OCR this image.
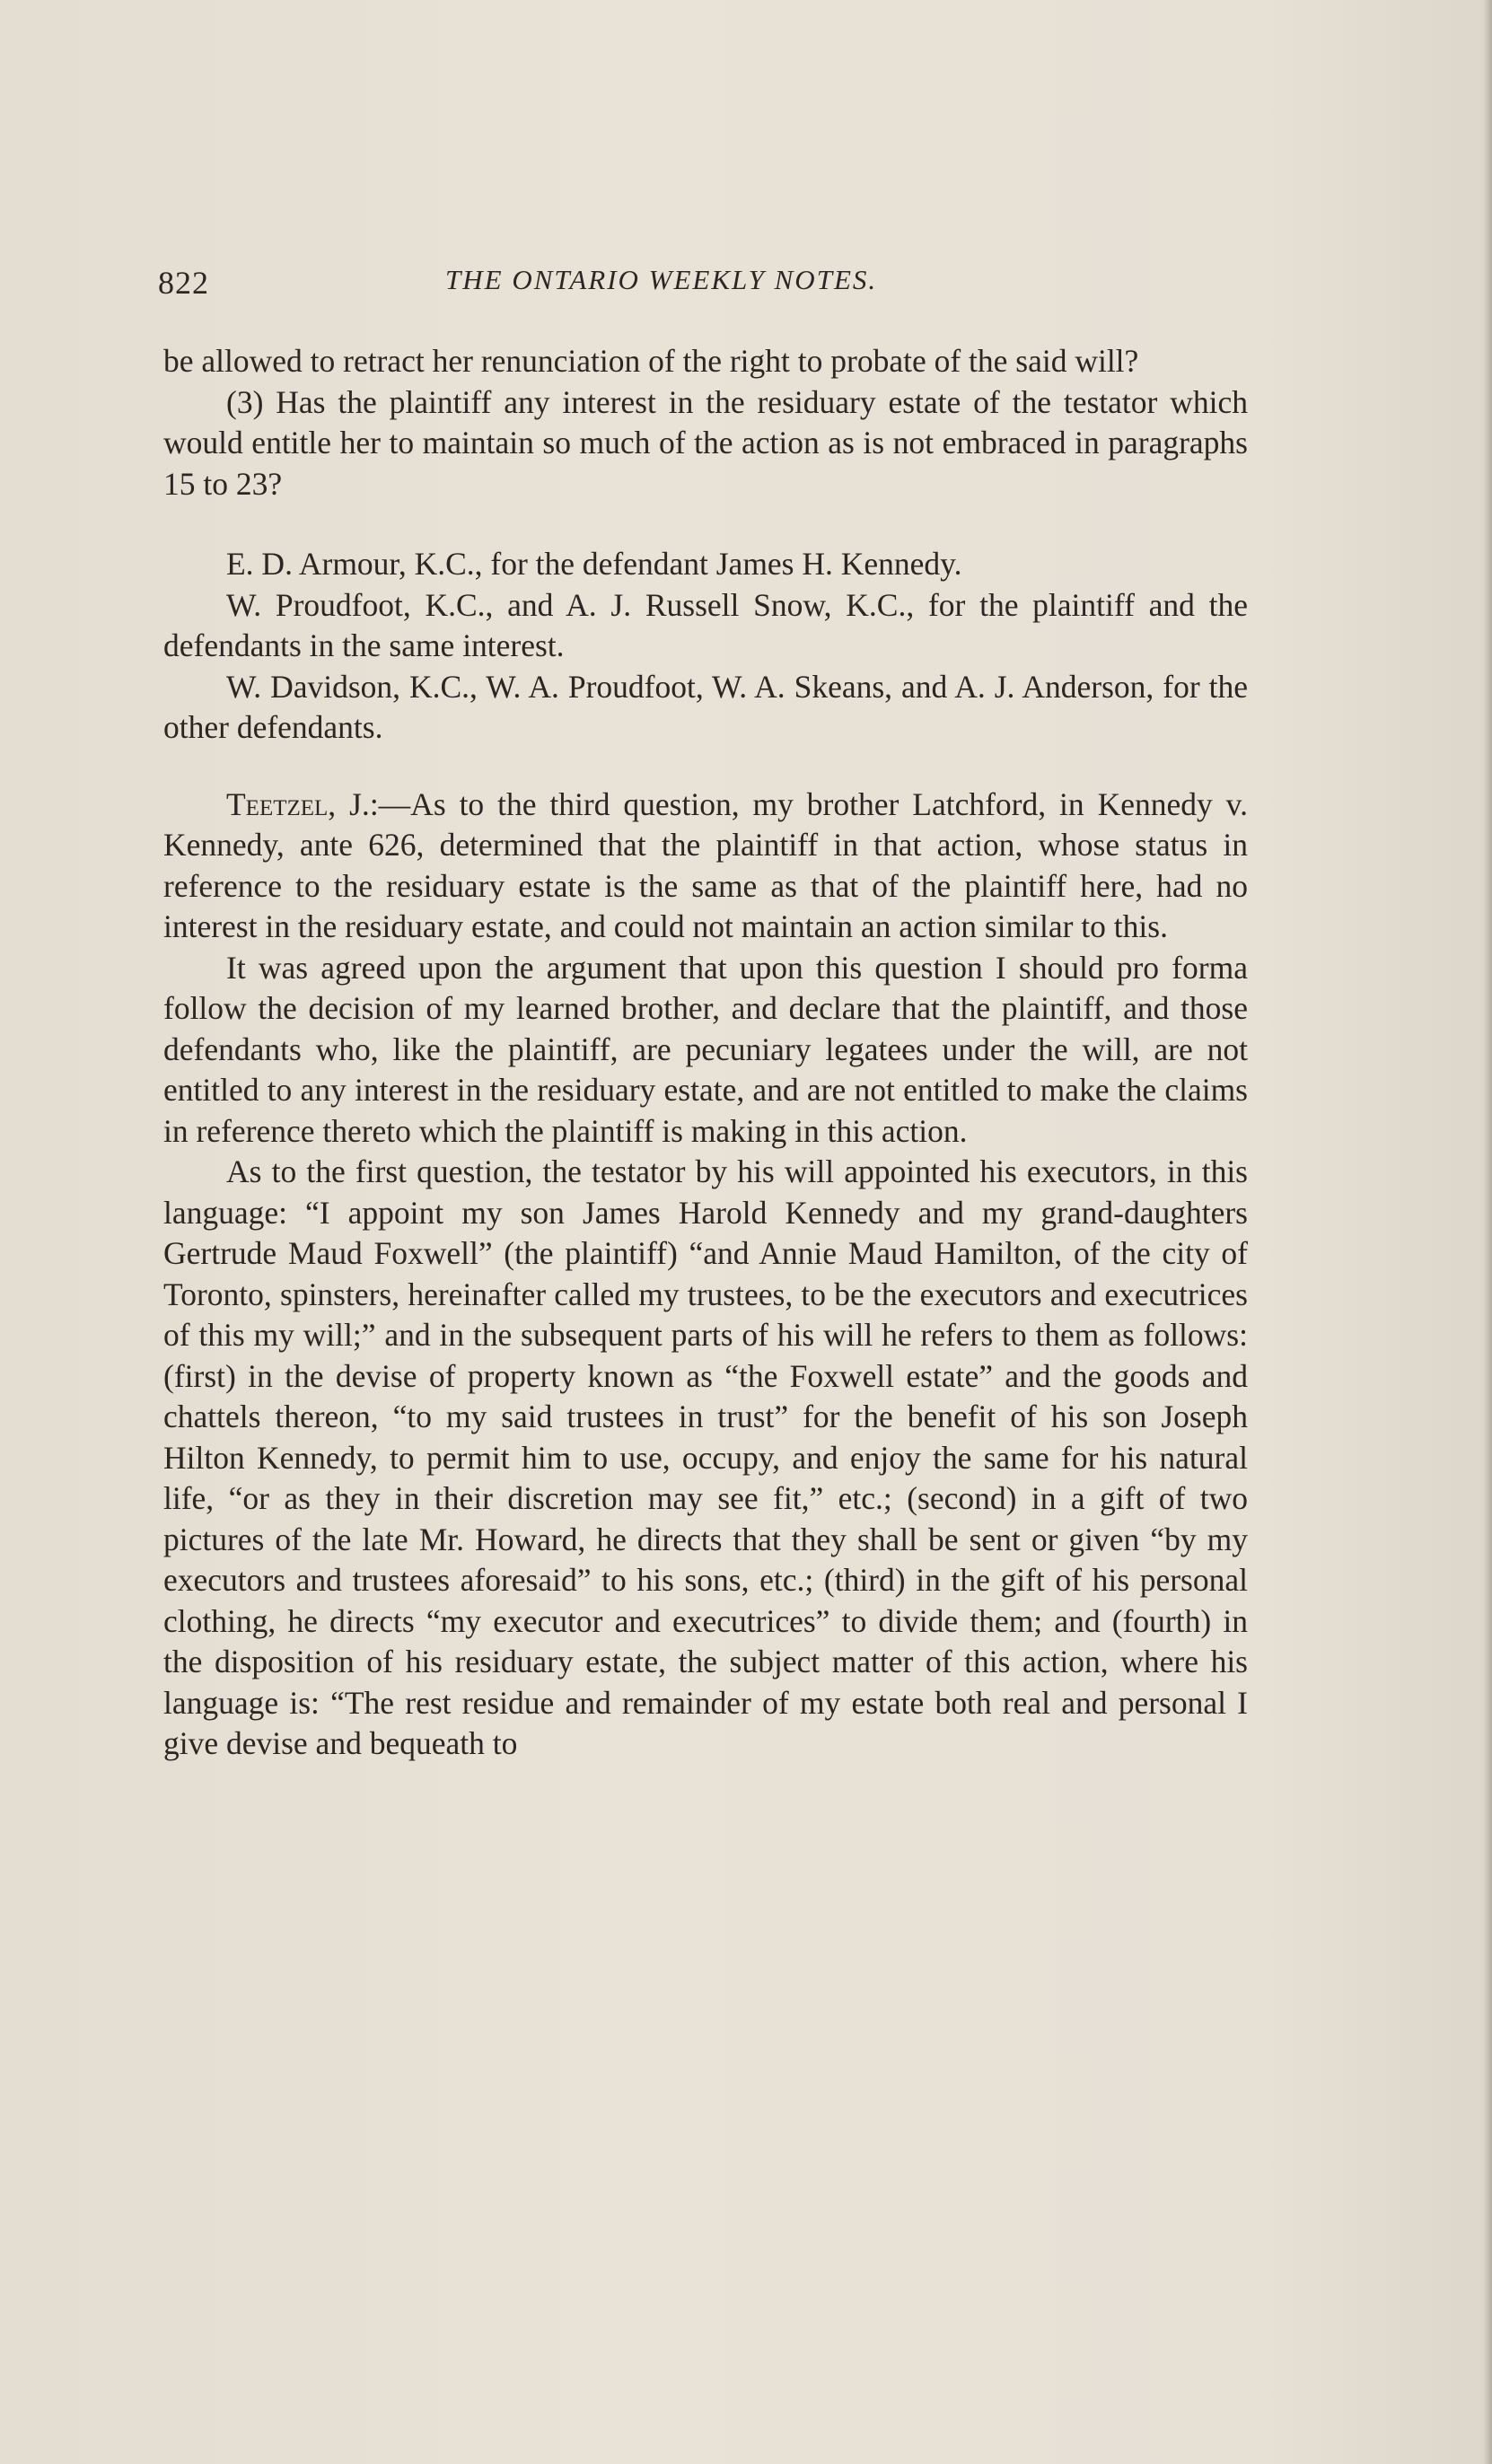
822	THE ONTARIO WEEKLY NOTES.

be allowed to retract her renunciation of the right to probate of the said will?

(3) Has the plaintiff any interest in the residuary estate of the testator which would entitle her to maintain so much of the action as is not embraced in paragraphs 15 to 23?

E. D. Armour, K.C., for the defendant James H. Kennedy.

W. Proudfoot, K.C., and A. J. Russell Snow, K.C., for the plaintiff and the defendants in the same interest.

W. Davidson, K.C., W. A. Proudfoot, W. A. Skeans, and A. J. Anderson, for the other defendants.

Teetzel, J.:—As to the third question, my brother Latchford, in Kennedy v. Kennedy, ante 626, determined that the plaintiff in that action, whose status in reference to the residuary estate is the same as that of the plaintiff here, had no interest in the residuary estate, and could not maintain an action similar to this.

It was agreed upon the argument that upon this question I should pro forma follow the decision of my learned brother, and declare that the plaintiff, and those defendants who, like the plaintiff, are pecuniary legatees under the will, are not entitled to any interest in the residuary estate, and are not entitled to make the claims in reference thereto which the plaintiff is making in this action.

As to the first question, the testator by his will appointed his executors, in this language: “I appoint my son James Harold Kennedy and my grand-daughters Gertrude Maud Foxwell” (the plaintiff) “and Annie Maud Hamilton, of the city of Toronto, spinsters, hereinafter called my trustees, to be the executors and executrices of this my will;” and in the subsequent parts of his will he refers to them as follows: (first) in the devise of property known as “the Foxwell estate” and the goods and chattels thereon, “to my said trustees in trust” for the benefit of his son Joseph Hilton Kennedy, to permit him to use, occupy, and enjoy the same for his natural life, “or as they in their discretion may see fit,” etc.; (second) in a gift of two pictures of the late Mr. Howard, he directs that they shall be sent or given “by my executors and trustees aforesaid” to his sons, etc.; (third) in the gift of his personal clothing, he directs “my executor and executrices” to divide them; and (fourth) in the disposition of his residuary estate, the subject matter of this action, where his language is: “The rest residue and remainder of my estate both real and personal I give devise and bequeath to
